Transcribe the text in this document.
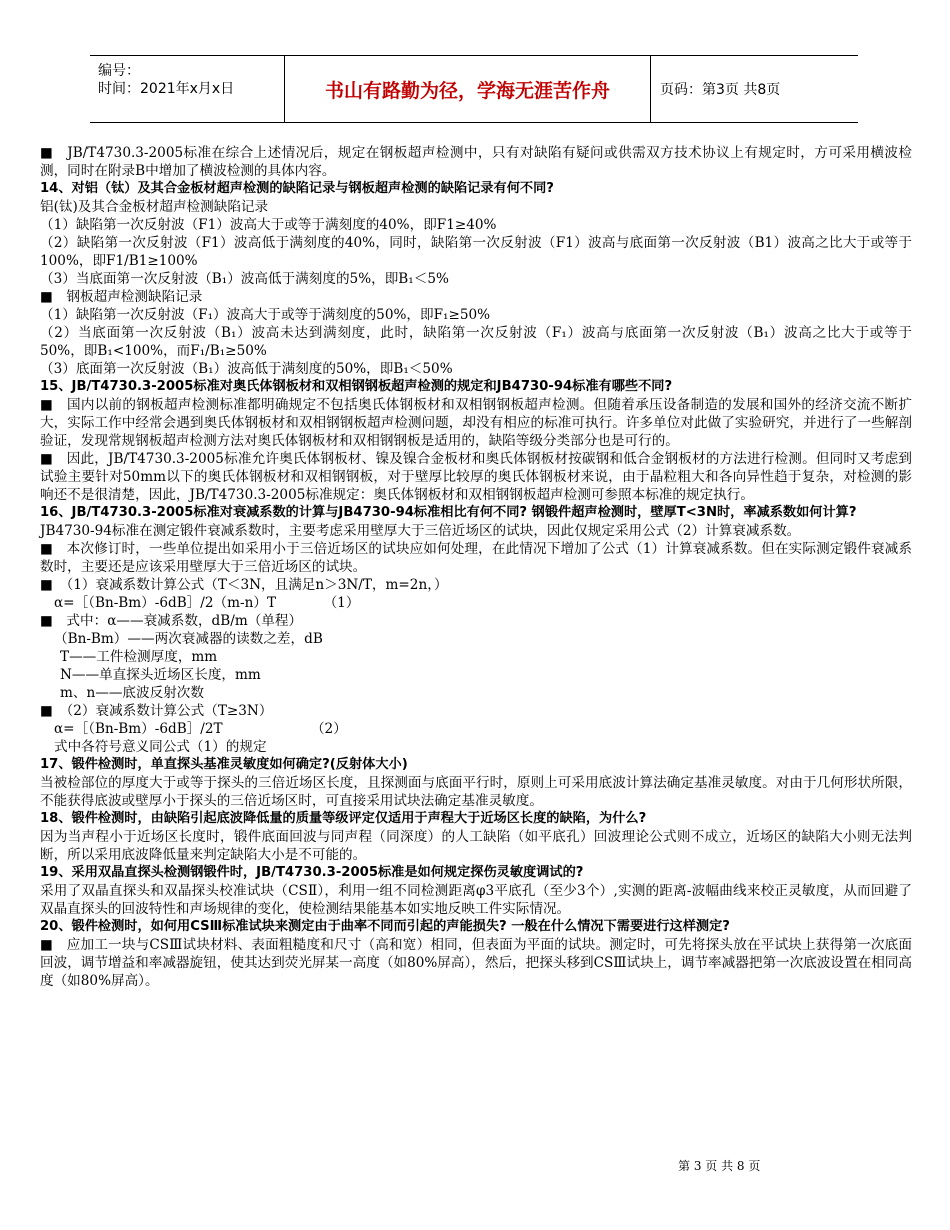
编号：
时间：2021年x月x日	书山有路勤为径，学海无涯苦作舟	页码：第3页 共8页

■　JB/T4730.3-2005标准在综合上述情况后，规定在钢板超声检测中，只有对缺陷有疑问或供需双方技术协议上有规定时，方可采用横波检测，同时在附录B中增加了横波检测的具体内容。

14、对铝（钛）及其合金板材超声检测的缺陷记录与钢板超声检测的缺陷记录有何不同?

铝(钛)及其合金板材超声检测缺陷记录

（1）缺陷第一次反射波（F1）波高大于或等于满刻度的40%，即F1≥40%

（2）缺陷第一次反射波（F1）波高低于满刻度的40%，同时，缺陷第一次反射波（F1）波高与底面第一次反射波（B1）波高之比大于或等于100%，即F1/B1≥100%

（3）当底面第一次反射波（B₁）波高低于满刻度的5%，即B₁＜5%

■　钢板超声检测缺陷记录

（1）缺陷第一次反射波（F₁）波高大于或等于满刻度的50%，即F₁≥50%

（2）当底面第一次反射波（B₁）波高未达到满刻度，此时，缺陷第一次反射波（F₁）波高与底面第一次反射波（B₁）波高之比大于或等于50%，即B₁<100%，而F₁/B₁≥50%

（3）底面第一次反射波（B₁）波高低于满刻度的50%，即B₁＜50%

15、JB/T4730.3-2005标准对奥氏体钢板材和双相钢钢板超声检测的规定和JB4730-94标准有哪些不同?

■　国内以前的钢板超声检测标准都明确规定不包括奥氏体钢板材和双相钢钢板超声检测。但随着承压设备制造的发展和国外的经济交流不断扩大，实际工作中经常会遇到奥氏体钢板材和双相钢钢板超声检测问题，却没有相应的标准可执行。许多单位对此做了实验研究，并进行了一些解剖验证，发现常规钢板超声检测方法对奥氏体钢板材和双相钢钢板是适用的，缺陷等级分类部分也是可行的。

■　因此，JB/T4730.3-2005标准允许奥氏体钢板材、镍及镍合金板材和奥氏体钢板材按碳钢和低合金钢板材的方法进行检测。但同时又考虑到试验主要针对50mm以下的奥氏体钢板材和双相钢钢板，对于壁厚比较厚的奥氏体钢板材来说，由于晶粒粗大和各向异性趋于复杂，对检测的影响还不是很清楚，因此，JB/T4730.3-2005标准规定：奥氏体钢板材和双相钢钢板超声检测可参照本标准的规定执行。

16、JB/T4730.3-2005标准对衰减系数的计算与JB4730-94标准相比有何不同? 钢锻件超声检测时，壁厚T<3N时，率减系数如何计算?

JB4730-94标准在测定锻件衰减系数时，主要考虑采用壁厚大于三倍近场区的试块，因此仅规定采用公式（2）计算衰减系数。

■　本次修订时，一些单位提出如采用小于三倍近场区的试块应如何处理，在此情况下增加了公式（1）计算衰减系数。但在实际测定锻件衰减系数时，主要还是应该采用壁厚大于三倍近场区的试块。

■　（1）衰减系数计算公式（T＜3N，且满足n＞3N/T，m=2n，）

α=［（Bn-Bm）-6dB］/2（m-n）T　　　　（1）

■　式中：α——衰减系数，dB/m（单程）

（Bn-Bm）——两次衰减器的读数之差，dB

T——工件检测厚度，mm

N——单直探头近场区长度，mm

m、n——底波反射次数

■　（2）衰减系数计算公式（T≥3N）

α=［（Bn-Bm）-6dB］/2T　　　　　　　（2）

式中各符号意义同公式（1）的规定

17、锻件检测时，单直探头基准灵敏度如何确定?(反射体大小)

当被检部位的厚度大于或等于探头的三倍近场区长度，且探测面与底面平行时，原则上可采用底波计算法确定基准灵敏度。对由于几何形状所限，不能获得底波或壁厚小于探头的三倍近场区时，可直接采用试块法确定基准灵敏度。

18、锻件检测时，由缺陷引起底波降低量的质量等级评定仅适用于声程大于近场区长度的缺陷，为什么?

因为当声程小于近场区长度时，锻件底面回波与同声程（同深度）的人工缺陷（如平底孔）回波理论公式则不成立，近场区的缺陷大小则无法判断，所以采用底波降低量来判定缺陷大小是不可能的。

19、采用双晶直探头检测钢锻件时，JB/T4730.3-2005标准是如何规定探伤灵敏度调试的?

采用了双晶直探头和双晶探头校准试块（CSⅡ），利用一组不同检测距离φ3平底孔（至少3个）,实测的距离-波幅曲线来校正灵敏度，从而回避了双晶直探头的回波特性和声场规律的变化，使检测结果能基本如实地反映工件实际情况。

20、锻件检测时，如何用CSⅢ标准试块来测定由于曲率不同而引起的声能损失? 一般在什么情况下需要进行这样测定?

■　应加工一块与CSⅢ试块材料、表面粗糙度和尺寸（高和宽）相同，但表面为平面的试块。测定时，可先将探头放在平试块上获得第一次底面回波，调节增益和率减器旋钮，使其达到荧光屏某一高度（如80%屏高），然后，把探头移到CSⅢ试块上，调节率减器把第一次底波设置在相同高度（如80%屏高）。

第 3 页 共 8 页
